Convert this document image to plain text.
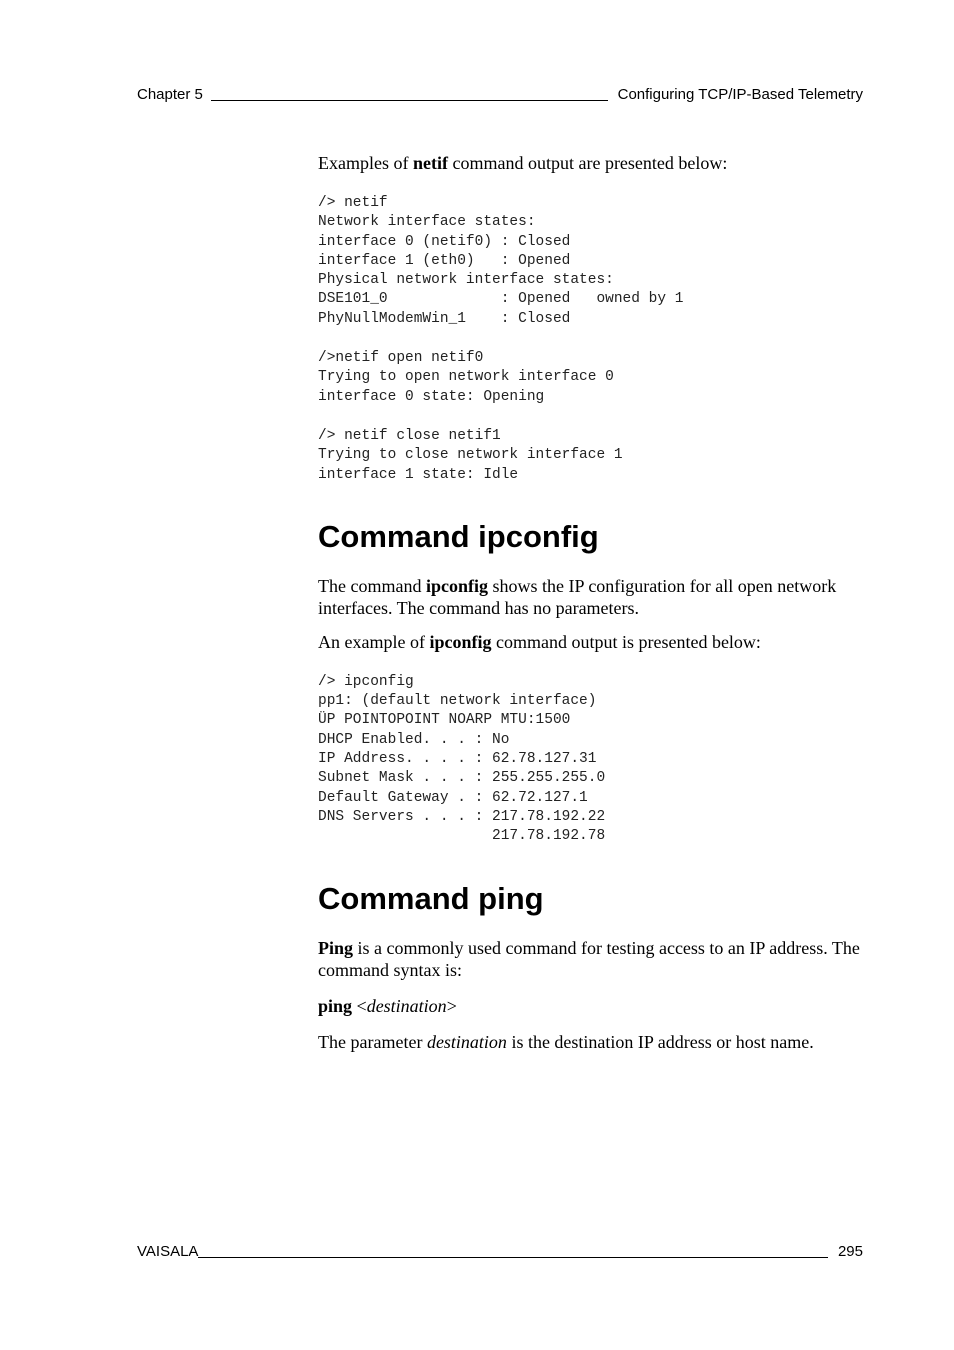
Chapter 5	Configuring TCP/IP-Based Telemetry

Examples of netif command output are presented below:

/> netif
Network interface states:
interface 0 (netif0) : Closed
interface 1 (eth0)   : Opened
Physical network interface states:
DSE101_0             : Opened   owned by 1
PhyNullModemWin_1    : Closed
/>netif open netif0
Trying to open network interface 0
interface 0 state: Opening
/> netif close netif1
Trying to close network interface 1
interface 1 state: Idle
Command ipconfig

The command ipconfig shows the IP configuration for all open network interfaces. The command has no parameters.

An example of ipconfig command output is presented below:

/> ipconfig
pp1: (default network interface)
ÜP POINTOPOINT NOARP MTU:1500
DHCP Enabled. . . : No
IP Address. . . . : 62.78.127.31
Subnet Mask . . . : 255.255.255.0
Default Gateway . : 62.72.127.1
DNS Servers . . . : 217.78.192.22
217.78.192.78
Command ping

Ping is a commonly used command for testing access to an IP address. The command syntax is:

ping <destination>

The parameter destination is the destination IP address or host name.

VAISALA	295
